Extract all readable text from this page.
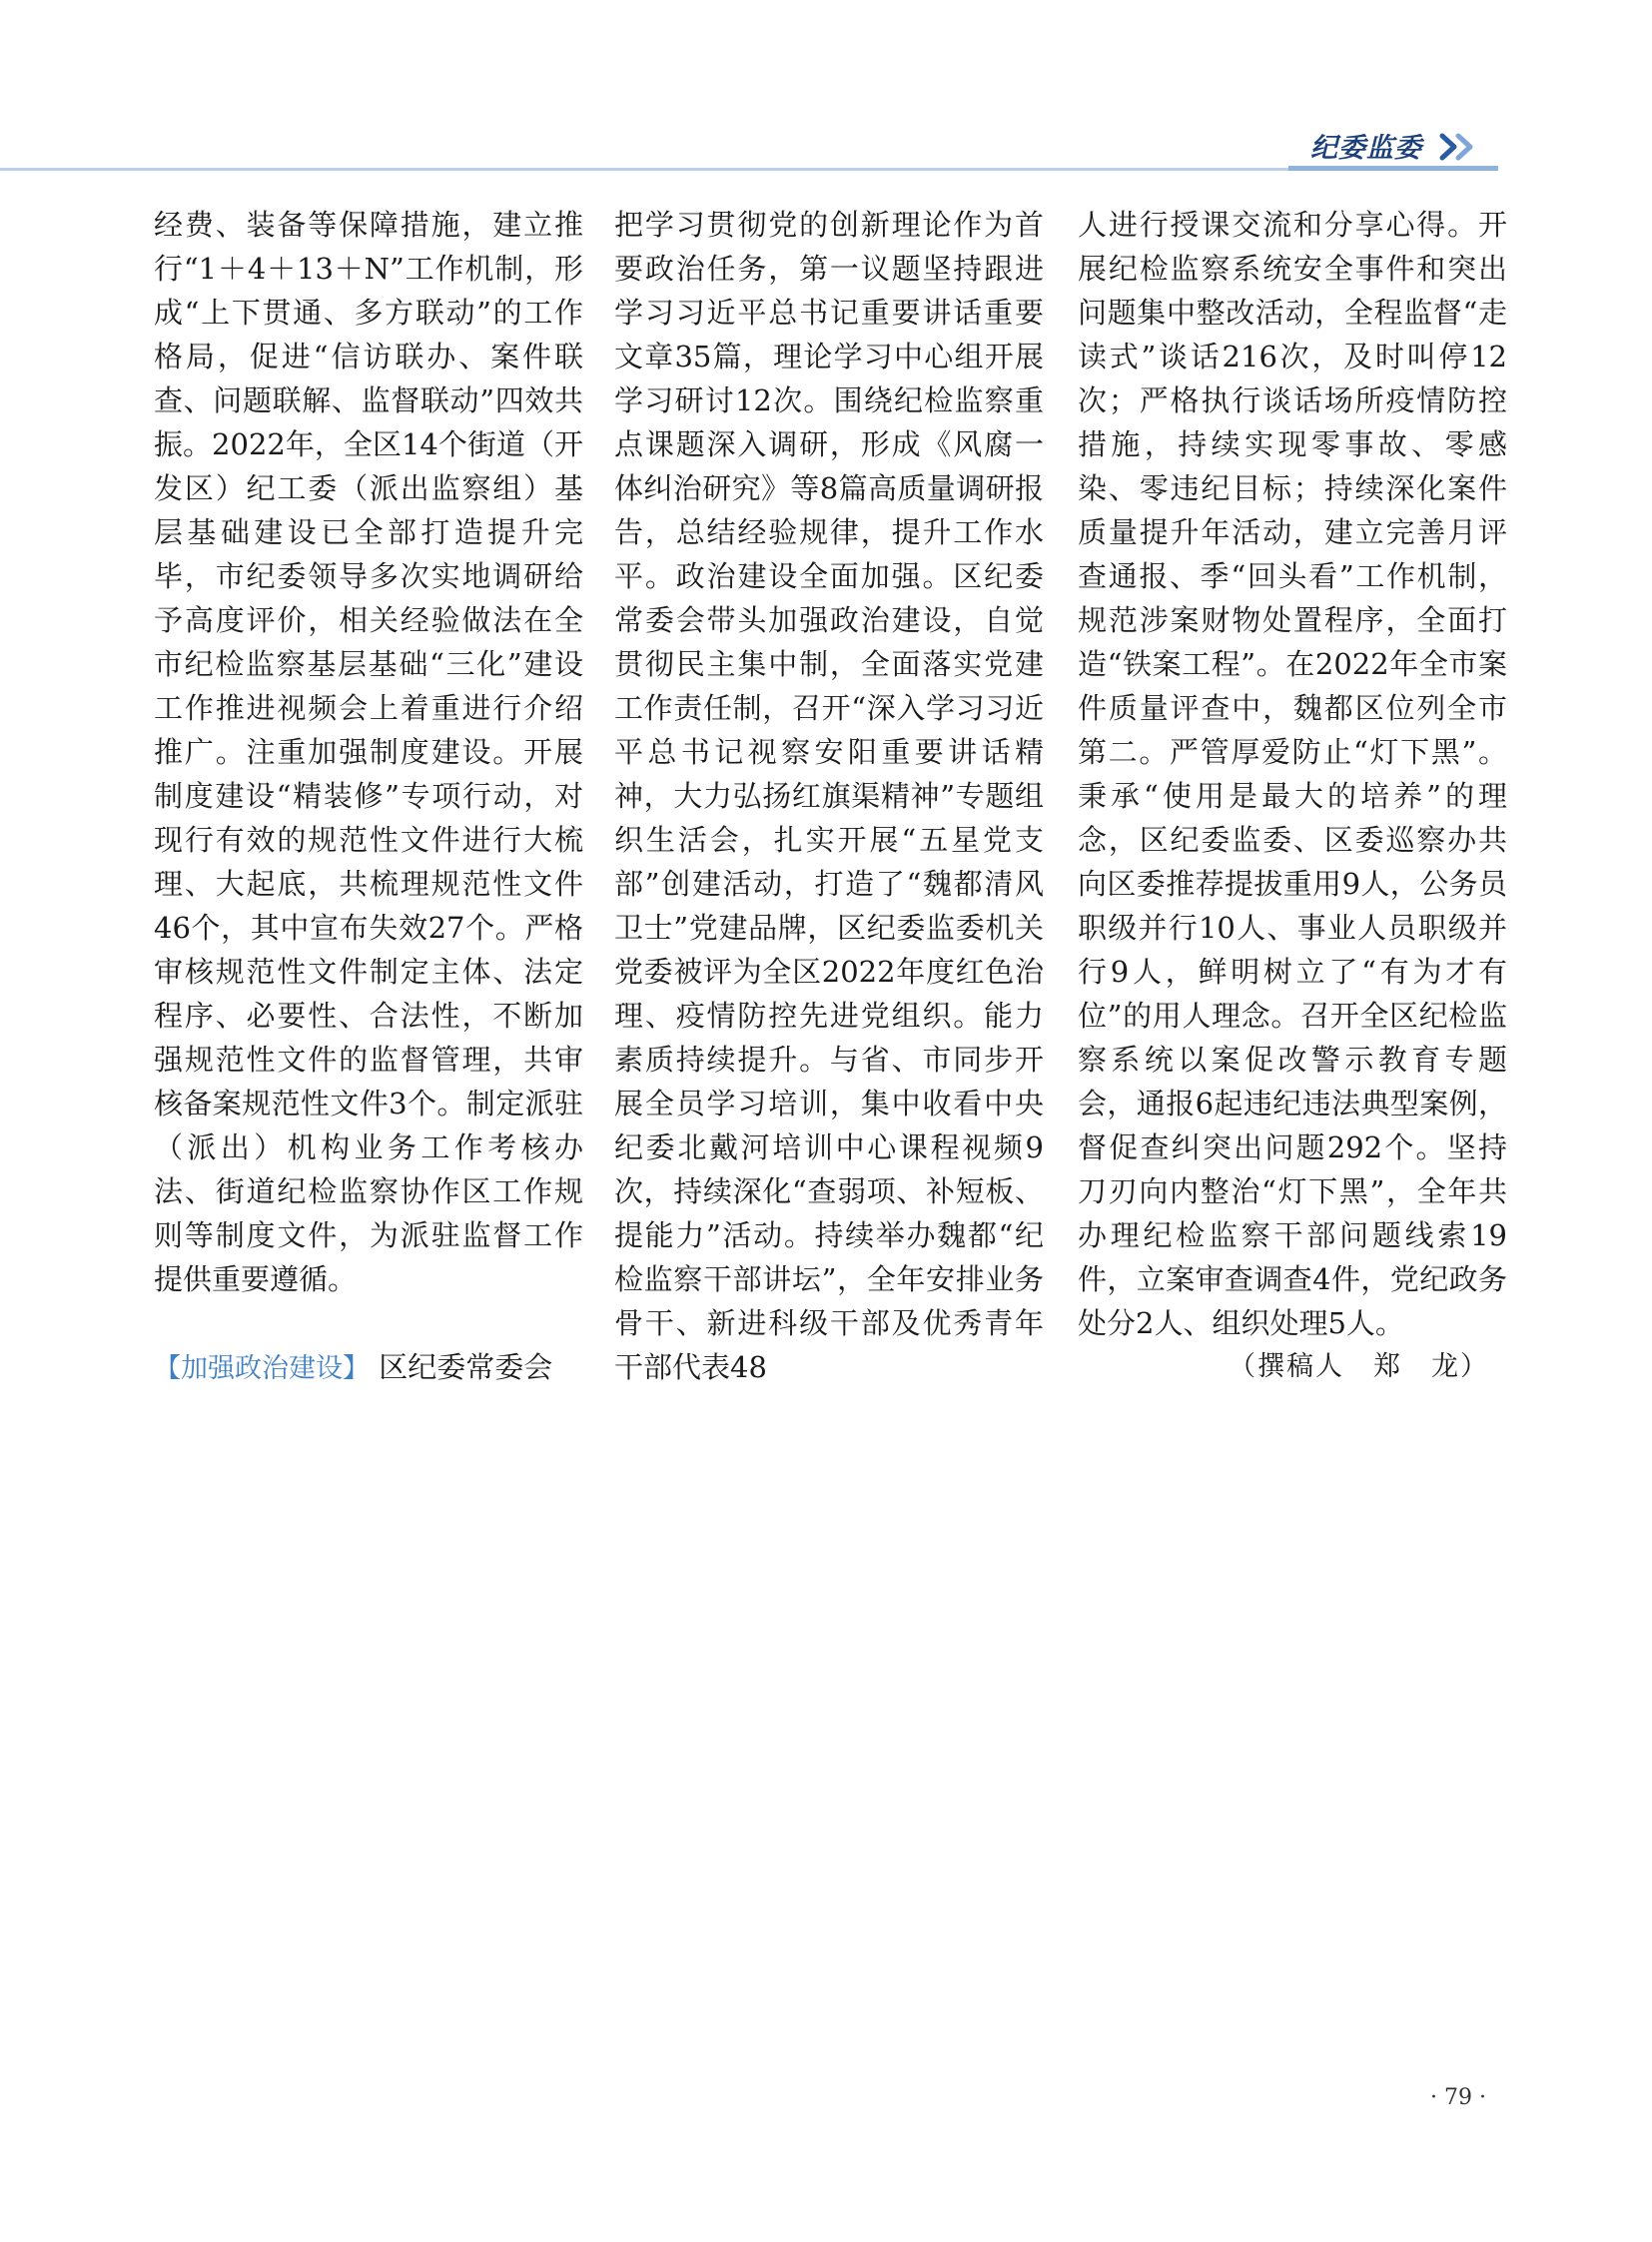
纪委监委

经费、装备等保障措施，建立推行“1＋4＋13＋N”工作机制，形成“上下贯通、多方联动”的工作格局，促进“信访联办、案件联查、问题联解、监督联动”四效共振。2022年，全区14个街道（开发区）纪工委（派出监察组）基层基础建设已全部打造提升完毕，市纪委领导多次实地调研给予高度评价，相关经验做法在全市纪检监察基层基础“三化”建设工作推进视频会上着重进行介绍推广。注重加强制度建设。开展制度建设“精装修”专项行动，对现行有效的规范性文件进行大梳理、大起底，共梳理规范性文件46个，其中宣布失效27个。严格审核规范性文件制定主体、法定程序、必要性、合法性，不断加强规范性文件的监督管理，共审核备案规范性文件3个。制定派驻（派出）机构业务工作考核办法、街道纪检监察协作区工作规则等制度文件，为派驻监督工作提供重要遵循。

【加强政治建设】 区纪委常委会

把学习贯彻党的创新理论作为首要政治任务，第一议题坚持跟进学习习近平总书记重要讲话重要文章35篇，理论学习中心组开展学习研讨12次。围绕纪检监察重点课题深入调研，形成《风腐一体纠治研究》等8篇高质量调研报告，总结经验规律，提升工作水平。政治建设全面加强。区纪委常委会带头加强政治建设，自觉贯彻民主集中制，全面落实党建工作责任制，召开“深入学习习近平总书记视察安阳重要讲话精神，大力弘扬红旗渠精神”专题组织生活会，扎实开展“五星党支部”创建活动，打造了“魏都清风卫士”党建品牌，区纪委监委机关党委被评为全区2022年度红色治理、疫情防控先进党组织。能力素质持续提升。与省、市同步开展全员学习培训，集中收看中央纪委北戴河培训中心课程视频9次，持续深化“查弱项、补短板、提能力”活动。持续举办魏都“纪检监察干部讲坛”，全年安排业务骨干、新进科级干部及优秀青年干部代表48

人进行授课交流和分享心得。开展纪检监察系统安全事件和突出问题集中整改活动，全程监督“走读式”谈话216次，及时叫停12次；严格执行谈话场所疫情防控措施，持续实现零事故、零感染、零违纪目标；持续深化案件质量提升年活动，建立完善月评查通报、季“回头看”工作机制，规范涉案财物处置程序，全面打造“铁案工程”。在2022年全市案件质量评查中，魏都区位列全市第二。严管厚爱防止“灯下黑”。秉承“使用是最大的培养”的理念，区纪委监委、区委巡察办共向区委推荐提拔重用9人，公务员职级并行10人、事业人员职级并行9人，鲜明树立了“有为才有位”的用人理念。召开全区纪检监察系统以案促改警示教育专题会，通报6起违纪违法典型案例，督促查纠突出问题292个。坚持刀刃向内整治“灯下黑”，全年共办理纪检监察干部问题线索19件，立案审查调查4件，党纪政务处分2人、组织处理5人。

（撰稿人　郑　龙）

· 79 ·
